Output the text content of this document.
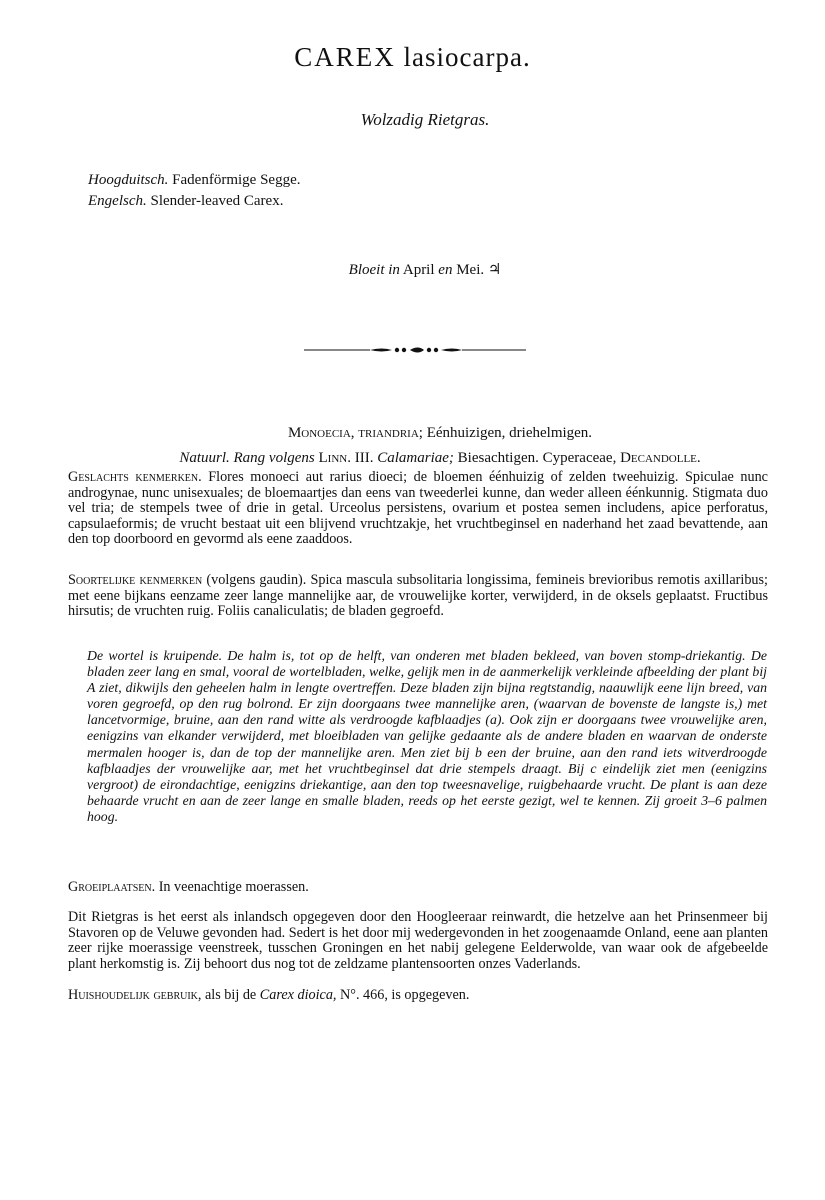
CAREX lasiocarpa.
Wolzadig Rietgras.
Hoogduitsch. Fadenförmige Segge.
Engelsch. Slender-leaved Carex.
Bloeit in April en Mei. ♃
Monoecia, triandria; Eénhuizigen, driehelmigen.
Natuurl. Rang volgens Linn. III. Calamariae; Biesachtigen. Cyperaceae, Decandolle.

Geslachts kenmerken. Flores monoeci aut rarius dioeci; de bloemen éénhuizig of zelden tweehuizig. Spiculae nunc androgynae, nunc unisexuales; de bloemaartjes dan eens van tweederlei kunne, dan weder alleen éénkunnig. Stigmata duo vel tria; de stempels twee of drie in getal. Urceolus persistens, ovarium et postea semen includens, apice perforatus, capsulaeformis; de vrucht bestaat uit een blijvend vruchtzakje, het vruchtbeginsel en naderhand het zaad bevattende, aan den top doorboord en gevormd als eene zaaddoos.

Soortelijke kenmerken (volgens gaudin). Spica mascula subsolitaria longissima, femineis brevioribus remotis axillaribus; met eene bijkans eenzame zeer lange mannelijke aar, de vrouwelijke korter, verwijderd, in de oksels geplaatst. Fructibus hirsutis; de vruchten ruig. Foliis canaliculatis; de bladen gegroefd.

De wortel is kruipende. De halm is, tot op de helft, van onderen met bladen bekleed, van boven stomp-driekantig. De bladen zeer lang en smal, vooral de wortelbladen, welke, gelijk men in de aanmerkelijk verkleinde afbeelding der plant bij A ziet, dikwijls den geheelen halm in lengte overtreffen. Deze bladen zijn bijna regtstandig, naauwlijk eene lijn breed, van voren gegroefd, op den rug bolrond. Er zijn doorgaans twee mannelijke aren, (waarvan de bovenste de langste is,) met lancetvormige, bruine, aan den rand witte als verdroogde kafblaadjes (a). Ook zijn er doorgaans twee vrouwelijke aren, eenigzins van elkander verwijderd, met bloeibladen van gelijke gedaante als de andere bladen en waarvan de onderste mermalen hooger is, dan de top der mannelijke aren. Men ziet bij b een der bruine, aan den rand iets witverdroogde kafblaadjes der vrouwelijke aar, met het vruchtbeginsel dat drie stempels draagt. Bij c eindelijk ziet men (eenigzins vergroot) de eirondachtige, eenigzins driekantige, aan den top tweesnavelige, ruigbehaarde vrucht. De plant is aan deze behaarde vrucht en aan de zeer lange en smalle bladen, reeds op het eerste gezigt, wel te kennen. Zij groeit 3–6 palmen hoog.

Groeiplaatsen. In veenachtige moerassen.

Dit Rietgras is het eerst als inlandsch opgegeven door den Hoogleeraar reinwardt, die hetzelve aan het Prinsenmeer bij Stavoren op de Veluwe gevonden had. Sedert is het door mij wedergevonden in het zoogenaamde Onland, eene aan planten zeer rijke moerassige veenstreek, tusschen Groningen en het nabij gelegene Eelderwolde, van waar ook de afgebeelde plant herkomstig is. Zij behoort dus nog tot de zeldzame plantensoorten onzes Vaderlands.

Huishoudelijk gebruik, als bij de Carex dioica, N°. 466, is opgegeven.
